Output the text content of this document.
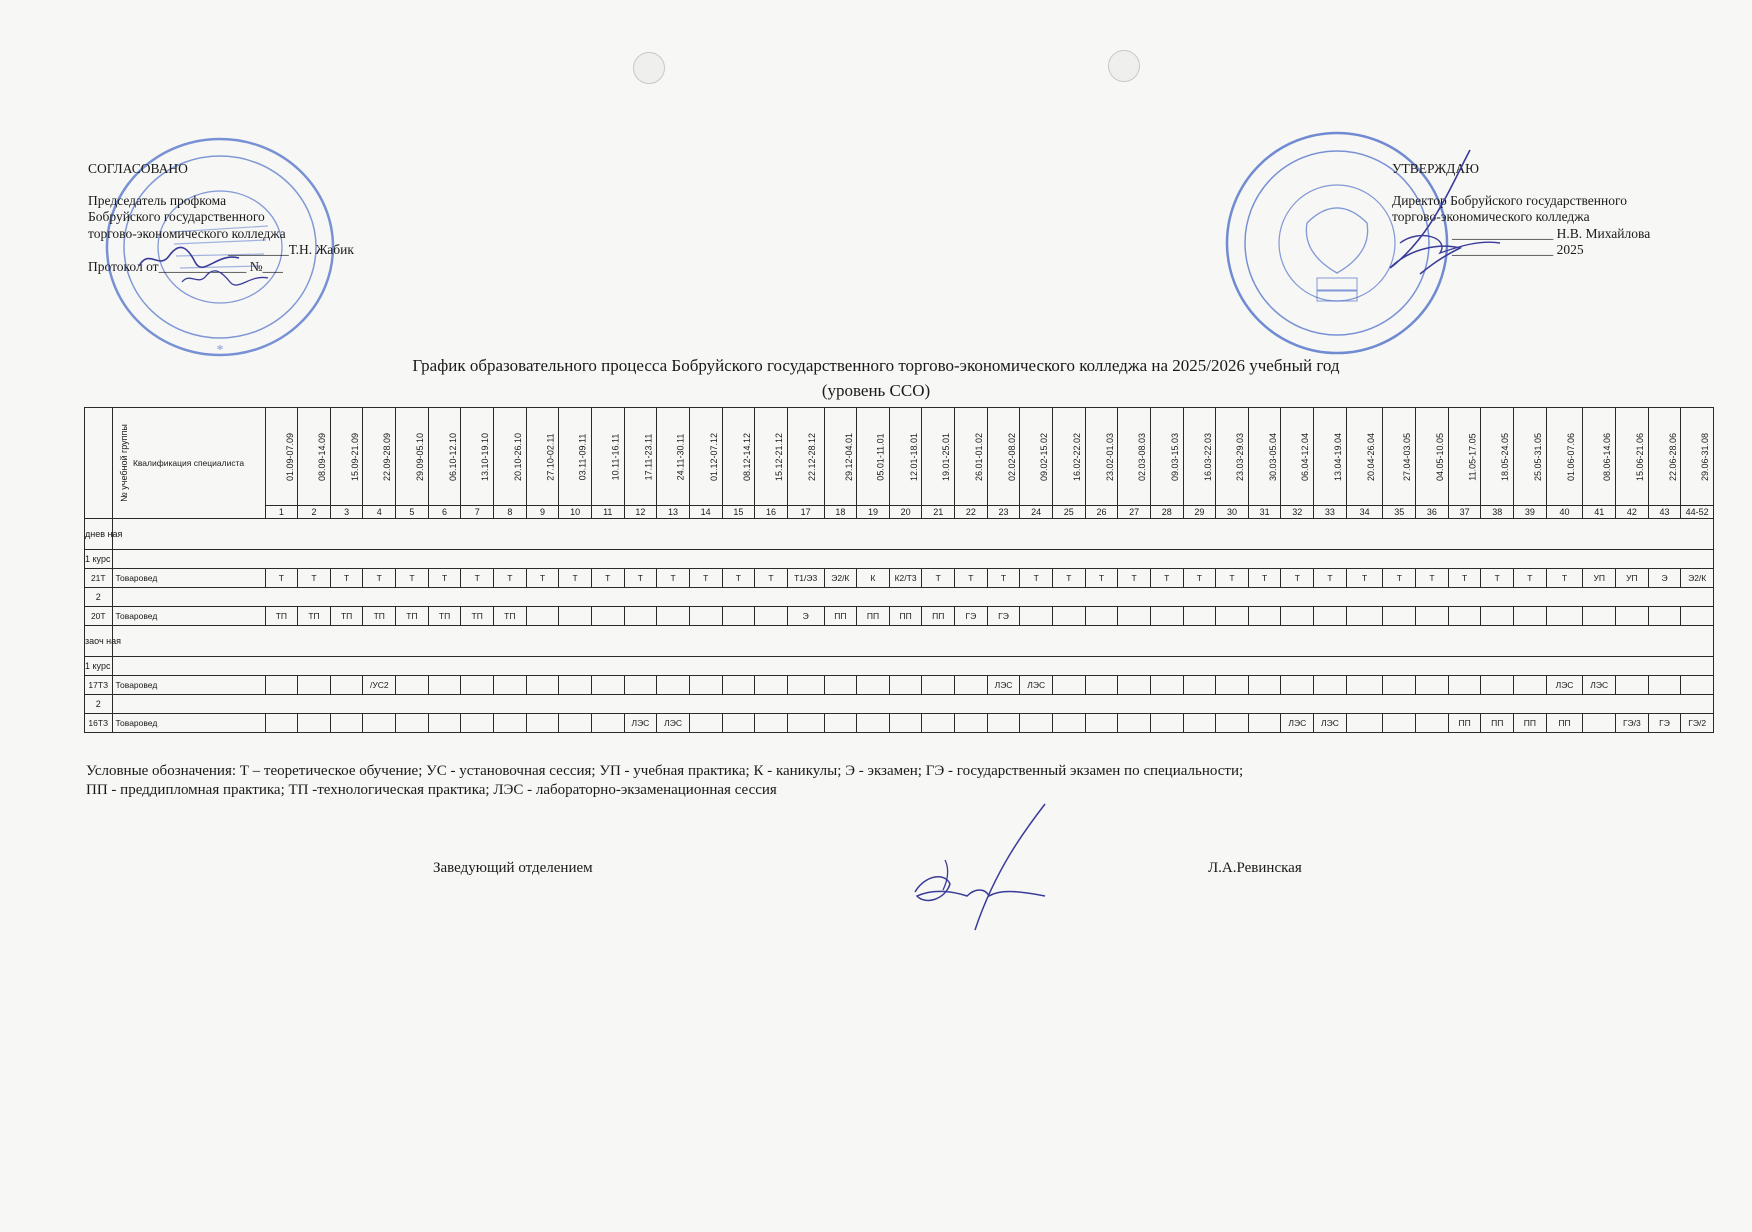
*
СОГЛАСОВАНО
Председатель профкома
Бобруйского государственного
торгово-экономического колледжа
_________Т.Н. Жабик
Протокол от_____________ №___
УТВЕРЖДАЮ
Директор Бобруйского государственного
торгово-экономического колледжа
_______________ Н.В. Михайлова
_______________ 2025
График образовательного процесса Бобруйского государственного торгово-экономического колледжа на 2025/2026 учебный год
(уровень ССО)
№ учебной группы	Квалификация специалиста	01.09-07.09	08.09-14.09	15.09-21.09	22.09-28.09	29.09-05.10	06.10-12.10	13.10-19.10	20.10-26.10	27.10-02.11	03.11-09.11	10.11-16.11	17.11-23.11	24.11-30.11	01.12-07.12	08.12-14.12	15.12-21.12	22.12-28.12	29.12-04.01	05.01-11.01	12.01-18.01	19.01-25.01	26.01-01.02	02.02-08.02	09.02-15.02	16.02-22.02	23.02-01.03	02.03-08.03	09.03-15.03	16.03-22.03	23.03-29.03	30.03-05.04	06.04-12.04	13.04-19.04	20.04-26.04	27.04-03.05	04.05-10.05	11.05-17.05	18.05-24.05	25.05-31.05	01.06-07.06	08.06-14.06	15.06-21.06	22.06-28.06	29.06-31.08
		1	2	3	4	5	6	7	8	9	10	11	12	13	14	15	16	17	18	19	20	21	22	23	24	25	26	27	28	29	30	31	32	33	34	35	36	37	38	39	40	41	42	43	44-52
днев ная																																													
1 курс																																													
21Т	Товаровед	Т	Т	Т	Т	Т	Т	Т	Т	Т	Т	Т	Т	Т	Т	Т	Т	Т1/Э3	Э2/К	К	К2/Т3	Т	Т	Т	Т	Т	Т	Т	Т	Т	Т	Т	Т	Т	Т	Т	Т	Т	Т	Т	Т	УП	УП	Э	Э2/К
2																																													
20Т	Товаровед	ТП	ТП	ТП	ТП	ТП	ТП	ТП	ТП									Э	ПП	ПП	ПП	ПП	ГЭ	ГЭ																					
заоч ная																																													
1 курс																																													
17ТЗ	Товаровед				/УС2																			ЛЭС	ЛЭС																ЛЭС	ЛЭС			
2																																													
16ТЗ	Товаровед												ЛЭС	ЛЭС																			ЛЭС	ЛЭС				ПП	ПП	ПП	ПП		ГЭ/3	ГЭ	ГЭ/2
Условные обозначения: Т – теоретическое обучение; УС - установочная сессия; УП - учебная практика; К - каникулы; Э - экзамен; ГЭ - государственный экзамен по специальности;
ПП - преддипломная практика; ТП -технологическая практика; ЛЭС - лабораторно-экзаменационная сессия
Заведующий отделением	Л.А.Ревинская
